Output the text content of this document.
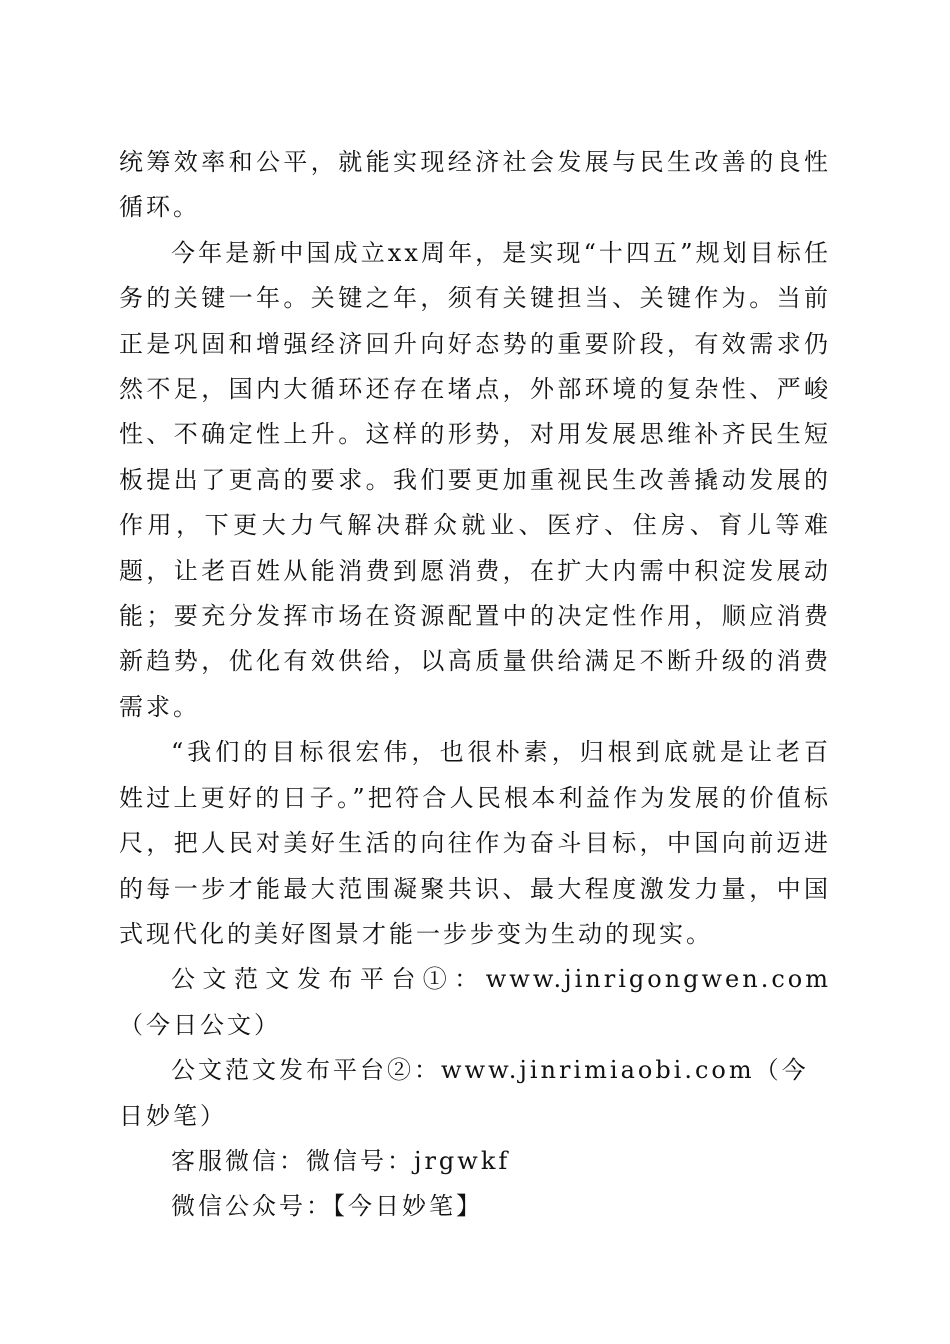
统筹效率和公平，就能实现经济社会发展与民生改善的良性循环。

今年是新中国成立xx周年，是实现“十四五”规划目标任务的关键一年。关键之年，须有关键担当、关键作为。当前正是巩固和增强经济回升向好态势的重要阶段，有效需求仍然不足，国内大循环还存在堵点，外部环境的复杂性、严峻性、不确定性上升。这样的形势，对用发展思维补齐民生短板提出了更高的要求。我们要更加重视民生改善撬动发展的作用，下更大力气解决群众就业、医疗、住房、育儿等难题，让老百姓从能消费到愿消费，在扩大内需中积淀发展动能；要充分发挥市场在资源配置中的决定性作用，顺应消费新趋势，优化有效供给，以高质量供给满足不断升级的消费需求。

“我们的目标很宏伟，也很朴素，归根到底就是让老百姓过上更好的日子。”把符合人民根本利益作为发展的价值标尺，把人民对美好生活的向往作为奋斗目标，中国向前迈进的每一步才能最大范围凝聚共识、最大程度激发力量，中国式现代化的美好图景才能一步步变为生动的现实。

公文范文发布平台①：www.jinrigongwen.com（今日公文）

公文范文发布平台②：www.jinrimiaobi.com（今日妙笔）

客服微信：微信号：jrgwkf

微信公众号：【今日妙笔】
